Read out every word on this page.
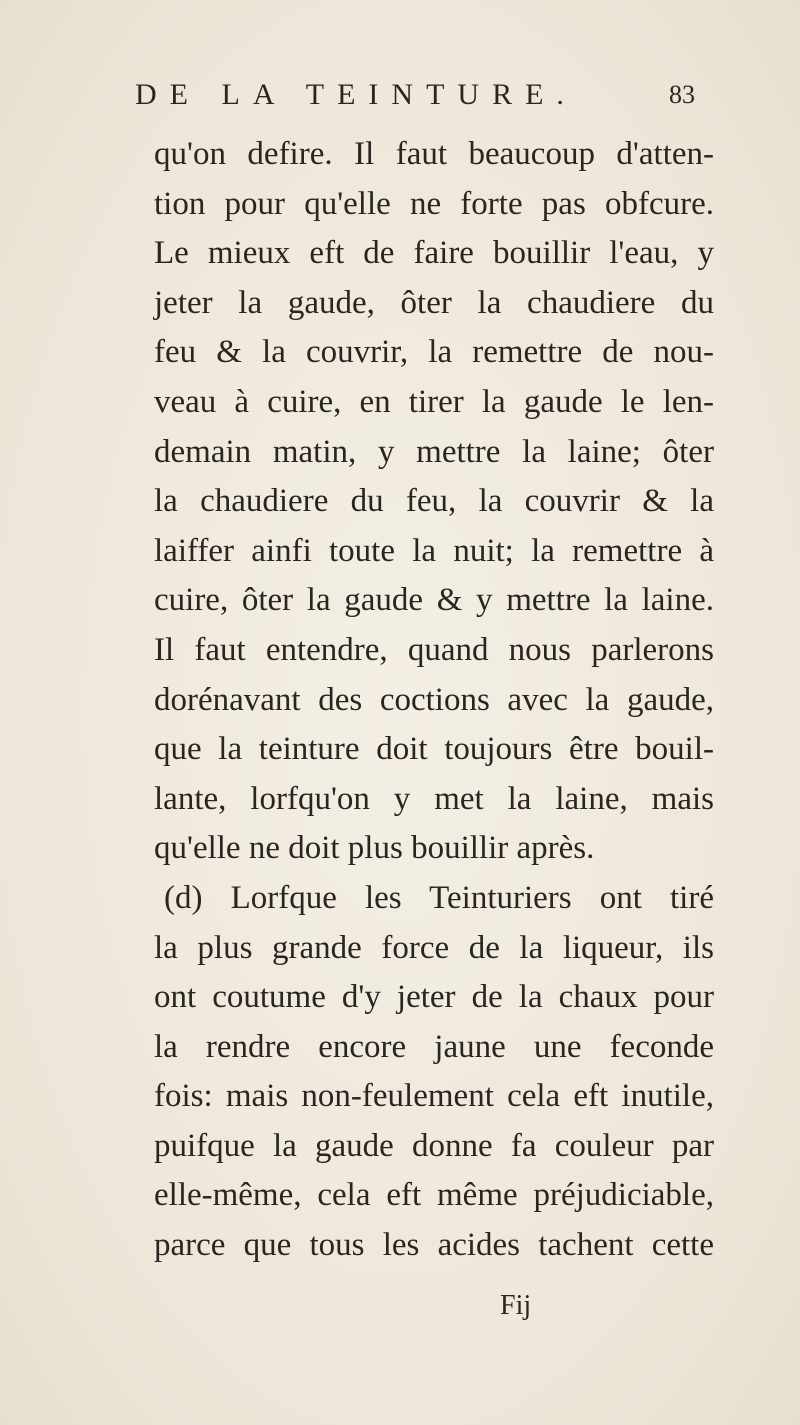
DE LA TEINTURE.	83
qu'on defire. Il faut beaucoup d'atten-
tion pour qu'elle ne forte pas obfcure.
Le mieux eft de faire bouillir l'eau, y
jeter la gaude, ôter la chaudiere du
feu & la couvrir, la remettre de nou-
veau à cuire, en tirer la gaude le len-
demain matin, y mettre la laine; ôter
la chaudiere du feu, la couvrir & la
laiffer ainfi toute la nuit; la remettre à
cuire, ôter la gaude & y mettre la laine.
Il faut entendre, quand nous parlerons
dorénavant des coctions avec la gaude,
que la teinture doit toujours être bouil-
lante, lorfqu'on y met la laine, mais
qu'elle ne doit plus bouillir après.
(d) Lorfque les Teinturiers ont tiré
la plus grande force de la liqueur, ils
ont coutume d'y jeter de la chaux pour
la rendre encore jaune une feconde
fois: mais non-feulement cela eft inutile,
puifque la gaude donne fa couleur par
elle-même, cela eft même préjudiciable,
parce que tous les acides tachent cette
Fij
